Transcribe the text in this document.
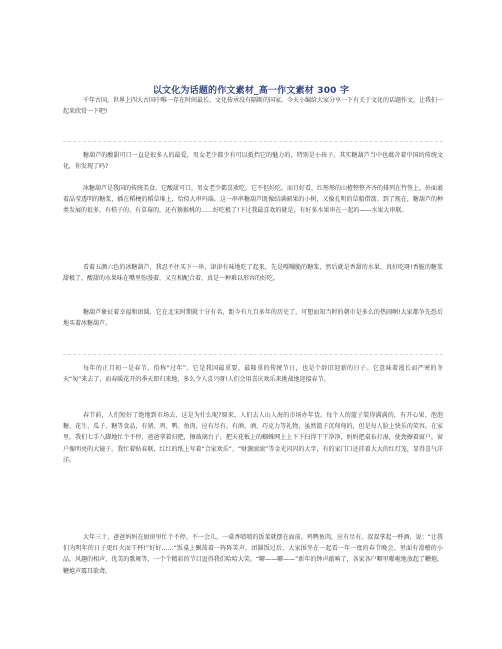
以文化为话题的作文素材_高一作文素材 300 字

千年古国，世界上四大古国中唯一存在时间最长、文化传承没有隔断的国家。今天小编给大家分享一下有关于文化的话题作文，让我们一起来欣赏一下吧!

糖葫芦的酸甜可口一直是很多人的最爱，男女老少都少有可以抵挡它的魅力的，特别是小孩子。其实糖葫芦当中也蕴含着中国的传统文化，你发现了吗?

冰糖葫芦是我国的传统美食，它酸甜可口，男女老少都喜欢吃。它不但好吃，而且好看，红彤彤的山楂整整齐齐的排列在竹签上，外面裹着晶莹透明的糖浆，插在稻梗的稻草堆上，恰似大串玛瑙。这一串串糖葫芦既像结满硕果的小树，又像孔明的草船借箭。到了现在，糖葫芦的种类发展的很多，有桔子的、有草莓的，还有猕猴桃的……好吃极了!下过我最喜欢的就是，有好多水果串在一起的——水果大串联。

看着五颜六色的冰糖葫芦，我忍不住买下一串，津津有味地吃了起来，先是嘎嘣脆的糖浆，然后就是香甜的水果，真好吃呀!香脆的糖浆甜极了，酸甜的水果味在嘴里弥漫着，又互相配合着，真是一种难以形容的好吃。

糖葫芦象征着幸福和团圆，它在北宋时期就十分有名，距今有九百多年的历史了，可想而知当时的朝市是多么的热闹啊!大家都争先恐后地买着冰糖葫芦。

每年的正月初一是春节，俗称“过年”。它是我国最重要、最隆重的传统节日，也是个辞旧迎新的日子。它意味着漫长而严寒的冬天“匆”来去了，而春暖花开的季天即归来地，多么令人喜兴呀!人们会用喜庆欢乐来挑战地迎接春节。

春节前，人们短好了绝地到市场去，这是为什么呢?原来，人们去人山人海的市场办年货。每个人的篮子装得满满的，有开心果、泡泡糖、花生、瓜子、糖等食品，有猪、鸡、鸭、鱼肉，应有尽有。有酒、酒、巧克力等礼物，虽然篮子沉甸甸的，但是每人脸上快乐的笑容。在家里，我们七手八脚地忙个不停，爸爸拿着扫把，擦玻璃台子，把天花板上的蜘蛛网上上下下扫得干干净净，妈妈把桌布打湿，使劲擦着窗户，窗户像明亮的大镜子。我忙着贴春联，红红的纸上写着“合家欢乐”、“财源滚滚”等金光闪闪的大字，有的家门口还挂着大大的红灯笼，显得喜气洋洋。

大年三十，爸爸妈妈在厨房里忙个不停，不一会儿，一桌香喷喷的饭菜就摆在面前。鸡鸭鱼肉，应有尽有。叔叔拿起一杯酒，说：“让我们为明年的日子更红火而干杯!”好好……”饭桌上飘荡着一阵阵笑声，团圆饭过后，大家围坐在一起看一年一度的春节晚会。里面有滑稽的小品，风趣的相声，优美的歌舞等，一个个精彩的节目逗得我们哈哈大笑。“噼——噼——”新年的钟声敲响了，各家各户噼里啪啦地放起了鞭炮，鞭炮声震耳欲聋。
